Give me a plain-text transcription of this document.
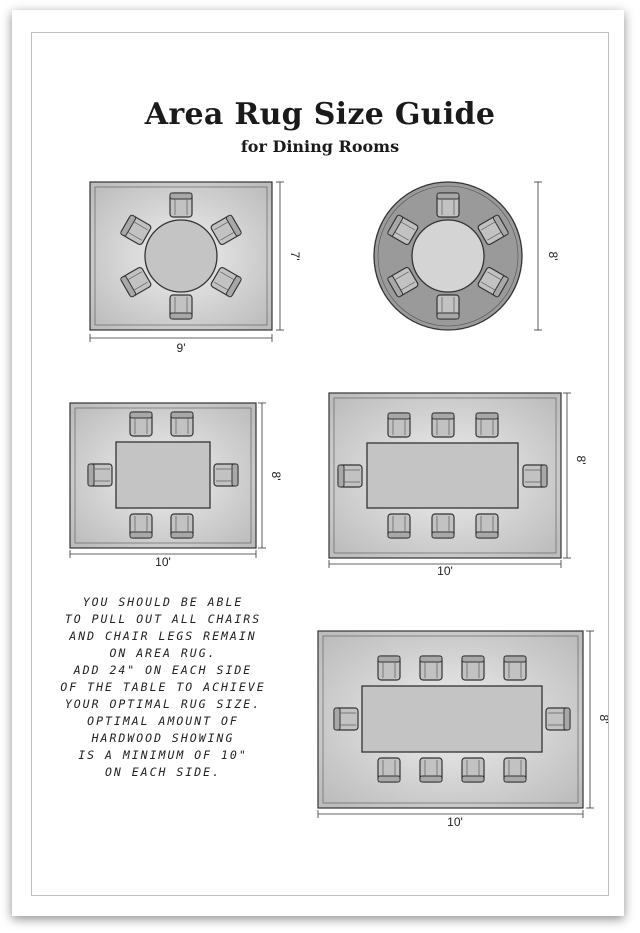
9'
7'	8'
10'
8'
10'
8'
10'
8'
Area Rug Size Guide
for Dining Rooms
YOU SHOULD BE ABLE
TO PULL OUT ALL CHAIRS
AND CHAIR LEGS REMAIN
ON AREA RUG.
ADD 24" ON EACH SIDE
OF THE TABLE TO ACHIEVE
YOUR OPTIMAL RUG SIZE.
OPTIMAL AMOUNT OF
HARDWOOD SHOWING
IS A MINIMUM OF 10"
ON EACH SIDE.
